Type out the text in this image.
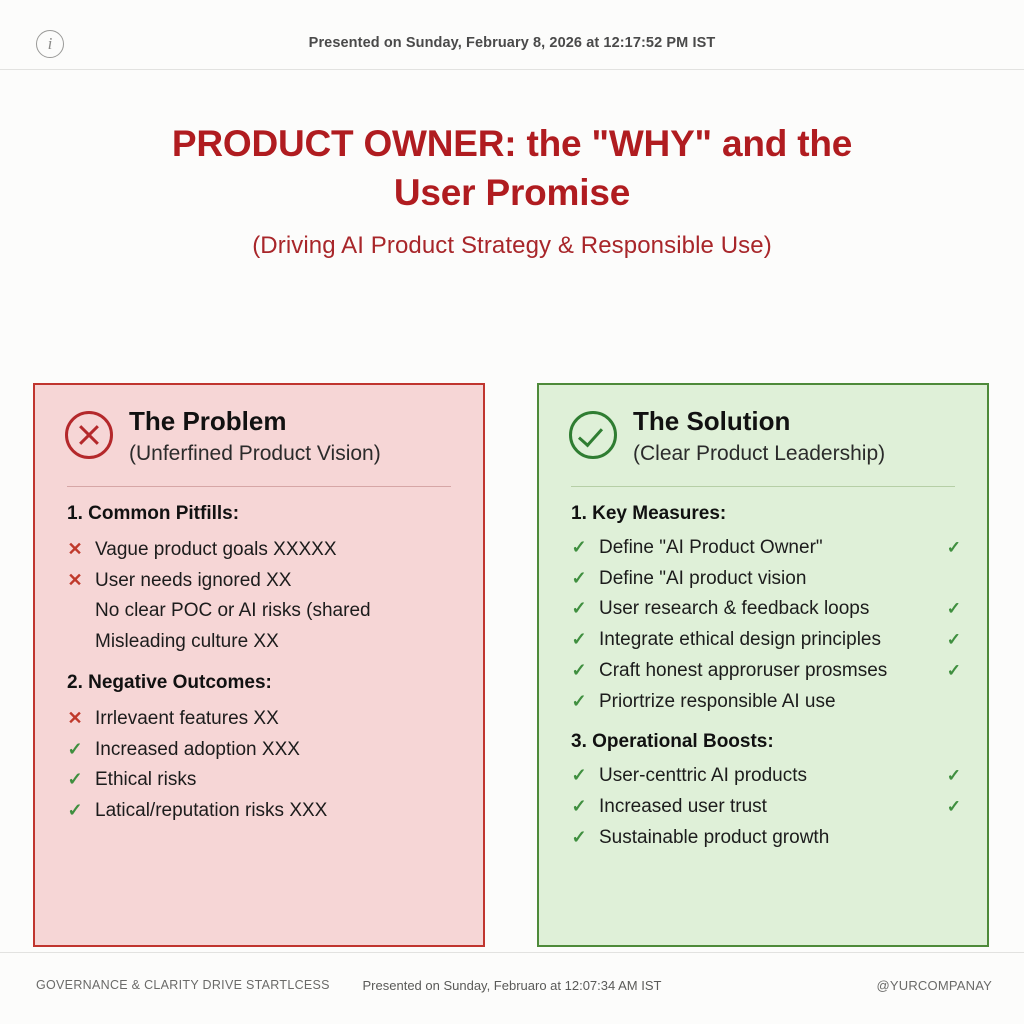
i	Presented on Sunday, February 8, 2026 at 12:17:52 PM IST
PRODUCT OWNER: the "WHY" and the User Promise
(Driving AI Product Strategy & Responsible Use)
The Problem
(Unferfined Product Vision)
1. Common Pitfills:
✕ Vague product goals XXXXX
✕ User needs ignored XX
No clear POC or AI risks (shared
Misleading culture XX
2. Negative Outcomes:
✕ Irrlevaent features XX
✓ Increased adoption XXX
✓ Ethical risks
✓ Latical/reputation risks XXX
The Solution
(Clear Product Leadership)
1. Key Measures:
✓ Define "AI Product Owner"	✓
✓ Define "AI product vision
✓ User research & feedback loops	✓
✓ Integrate ethical design principles	✓
✓ Craft honest approruser prosmses	✓
✓ Priortrize responsible AI use
3. Operational Boosts:
✓ User-centtric AI products	✓
✓ Increased user trust	✓
✓ Sustainable product growth
GOVERNANCE & CLARITY DRIVE STARTLCESS	Presented on Sunday, Februaro at 12:07:34 AM IST	@YURCOMPANAY
